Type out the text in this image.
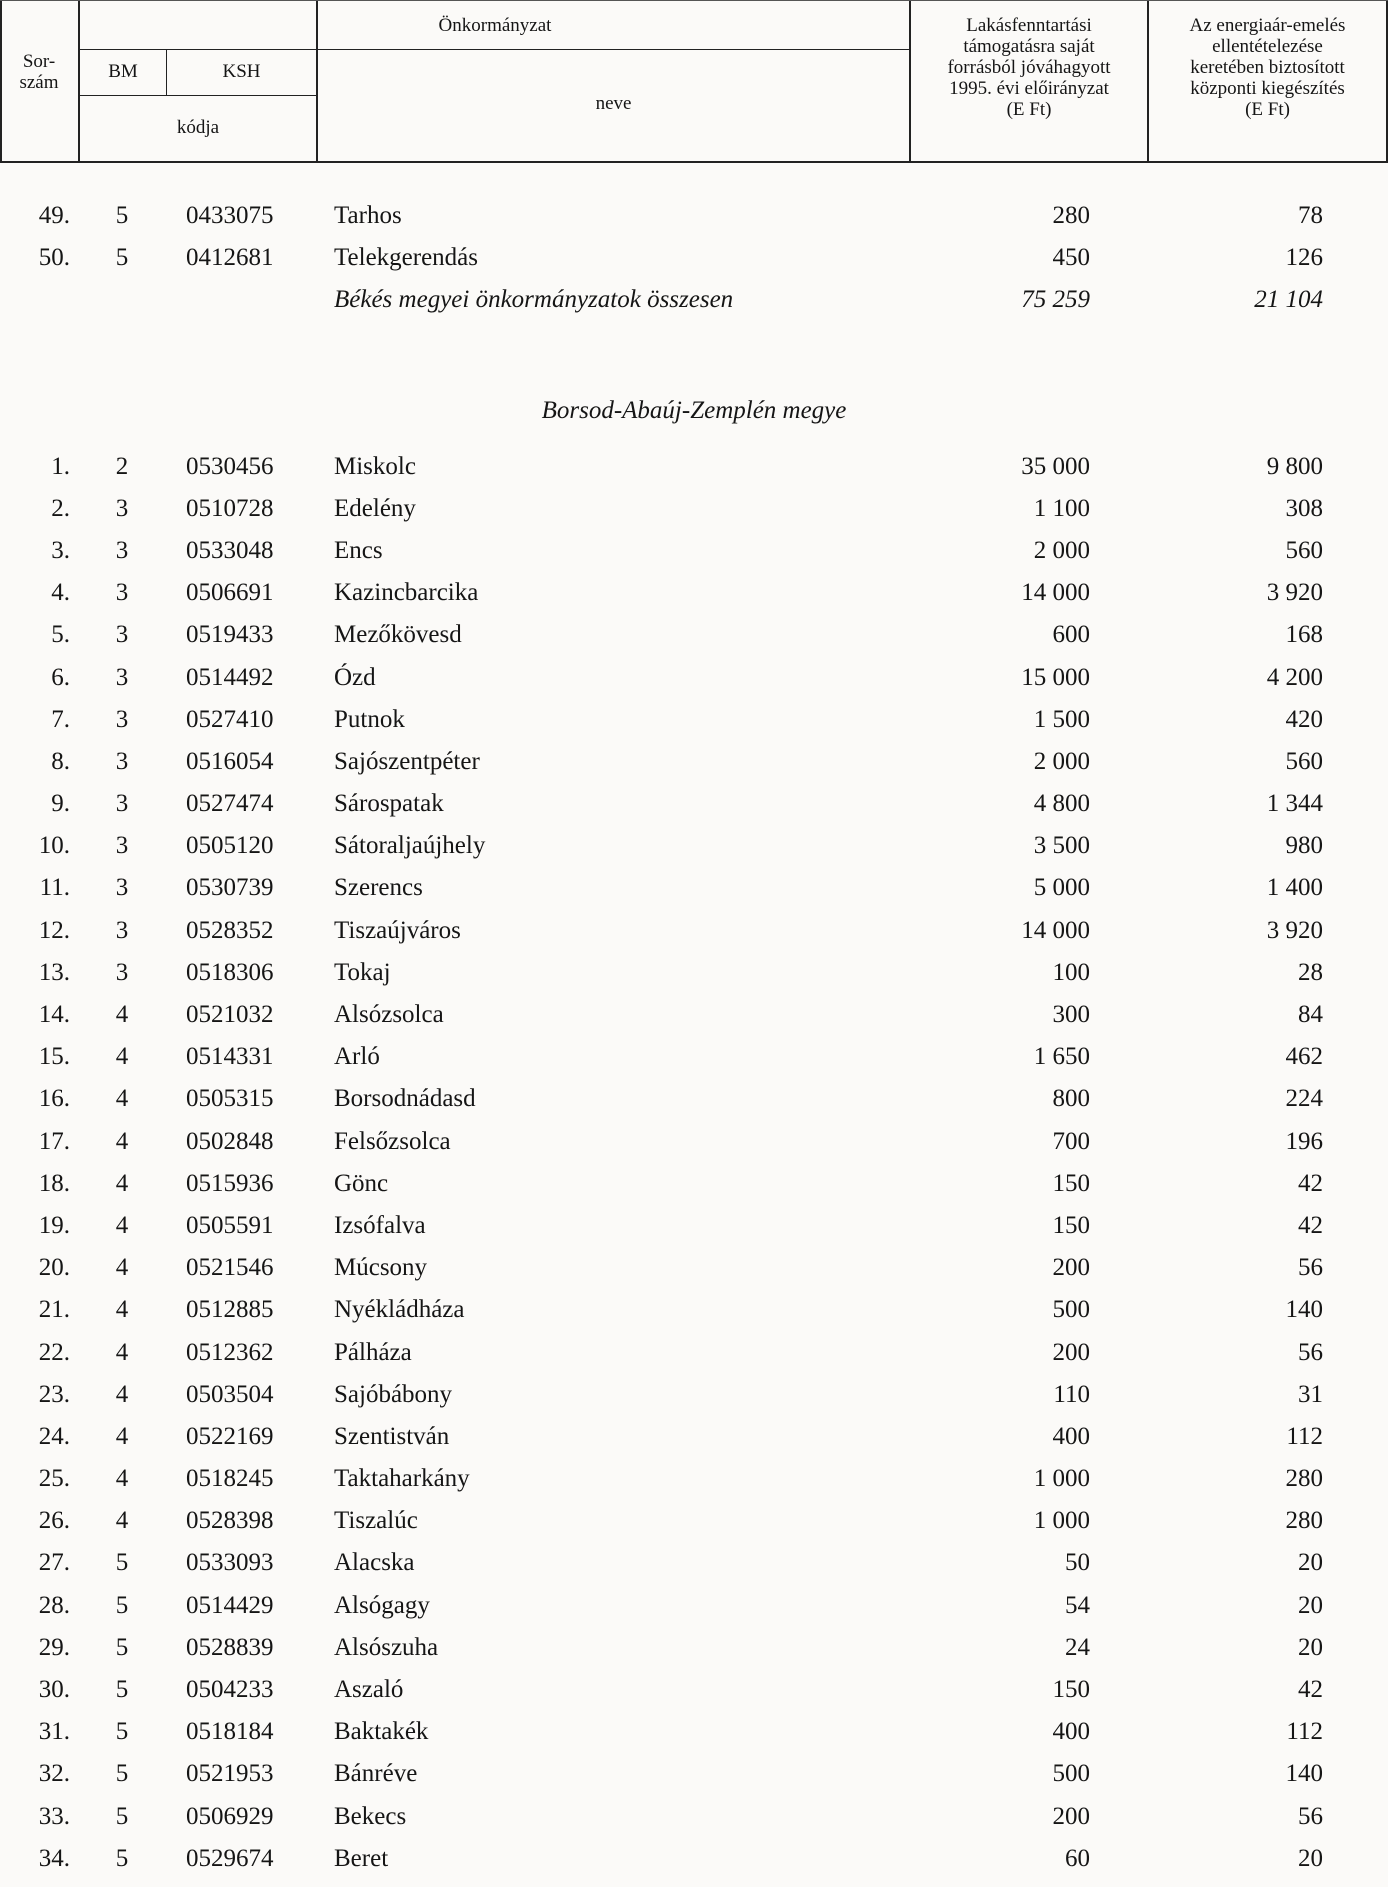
Sor-
szám
Önkormányzat
BM	KSH
kódja
neve
Lakásfenntartási
támogatásra saját
forrásból jóváhagyott
1995. évi előirányzat
(E Ft)
Az energiaár-emelés
ellentételezése
keretében biztosított
központi kiegészítés
(E Ft)
49.	5	0433075 Tarhos	280	78
50.	5	0412681 Telekgerendás	450	126
Békés megyei önkormányzatok összesen	75 259	21 104
Borsod-Abaúj-Zemplén megye
1.	2	0530456 Miskolc	35 000	9 800
2.	3	0510728 Edelény	1 100	308
3.	3	0533048 Encs	2 000	560
4.	3	0506691 Kazincbarcika	14 000	3 920
5.	3	0519433 Mezőkövesd	600	168
6.	3	0514492 Ózd	15 000	4 200
7.	3	0527410 Putnok	1 500	420
8.	3	0516054 Sajószentpéter	2 000	560
9.	3	0527474 Sárospatak	4 800	1 344
10.	3	0505120 Sátoraljaújhely	3 500	980
11.	3	0530739 Szerencs	5 000	1 400
12.	3	0528352 Tiszaújváros	14 000	3 920
13.	3	0518306 Tokaj	100	28
14.	4	0521032 Alsózsolca	300	84
15.	4	0514331 Arló	1 650	462
16.	4	0505315 Borsodnádasd	800	224
17.	4	0502848 Felsőzsolca	700	196
18.	4	0515936 Gönc	150	42
19.	4	0505591 Izsófalva	150	42
20.	4	0521546 Múcsony	200	56
21.	4	0512885 Nyékládháza	500	140
22.	4	0512362 Pálháza	200	56
23.	4	0503504 Sajóbábony	110	31
24.	4	0522169 Szentistván	400	112
25.	4	0518245 Taktaharkány	1 000	280
26.	4	0528398 Tiszalúc	1 000	280
27.	5	0533093 Alacska	50	20
28.	5	0514429 Alsógagy	54	20
29.	5	0528839 Alsószuha	24	20
30.	5	0504233 Aszaló	150	42
31.	5	0518184 Baktakék	400	112
32.	5	0521953 Bánréve	500	140
33.	5	0506929 Bekecs	200	56
34.	5	0529674 Beret	60	20
